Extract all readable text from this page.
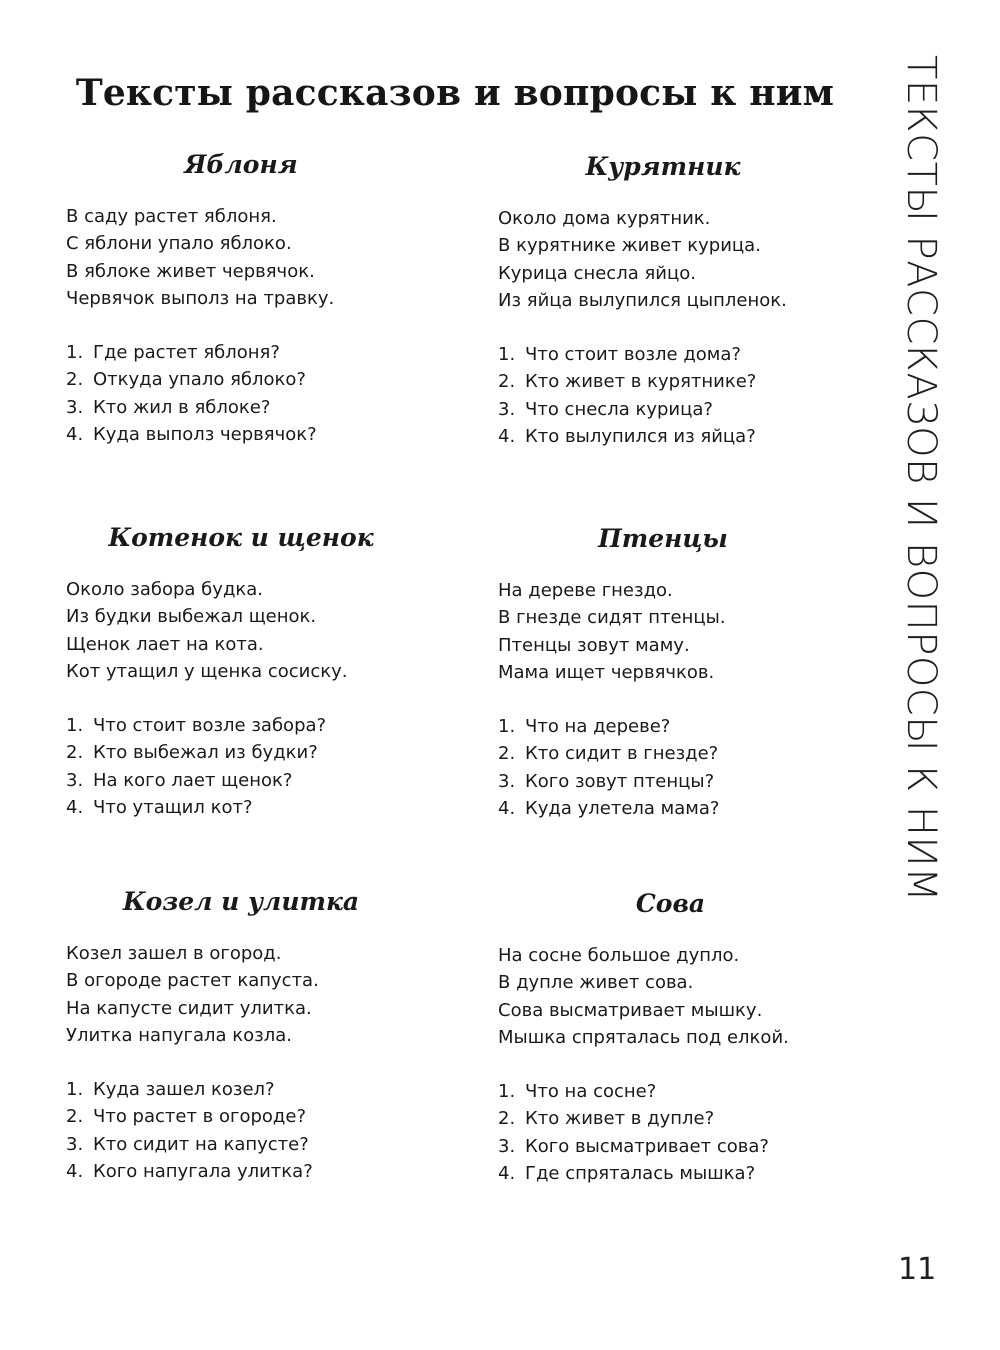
Тексты рассказов и вопросы к ним	ТЕКСТЫ РАССКАЗОВ И ВОПРОСЫ К НИМ
Яблоня
В саду растет яблоня.
С яблони упало яблоко.
В яблоке живет червячок.
Червячок выполз на травку.
1. Где растет яблоня?
2. Откуда упало яблоко?
3. Кто жил в яблоке?
4. Куда выполз червячок?
Курятник
Около дома курятник.
В курятнике живет курица.
Курица снесла яйцо.
Из яйца вылупился цыпленок.
1. Что стоит возле дома?
2. Кто живет в курятнике?
3. Что снесла курица?
4. Кто вылупился из яйца?
Котенок и щенок
Около забора будка.
Из будки выбежал щенок.
Щенок лает на кота.
Кот утащил у щенка сосиску.
1. Что стоит возле забора?
2. Кто выбежал из будки?
3. На кого лает щенок?
4. Что утащил кот?
Птенцы
На дереве гнездо.
В гнезде сидят птенцы.
Птенцы зовут маму.
Мама ищет червячков.
1. Что на дереве?
2. Кто сидит в гнезде?
3. Кого зовут птенцы?
4. Куда улетела мама?
Козел и улитка
Козел зашел в огород.
В огороде растет капуста.
На капусте сидит улитка.
Улитка напугала козла.
1. Куда зашел козел?
2. Что растет в огороде?
3. Кто сидит на капусте?
4. Кого напугала улитка?
Сова
На сосне большое дупло.
В дупле живет сова.
Сова высматривает мышку.
Мышка спряталась под елкой.
1. Что на сосне?
2. Кто живет в дупле?
3. Кого высматривает сова?
4. Где спряталась мышка?
11
